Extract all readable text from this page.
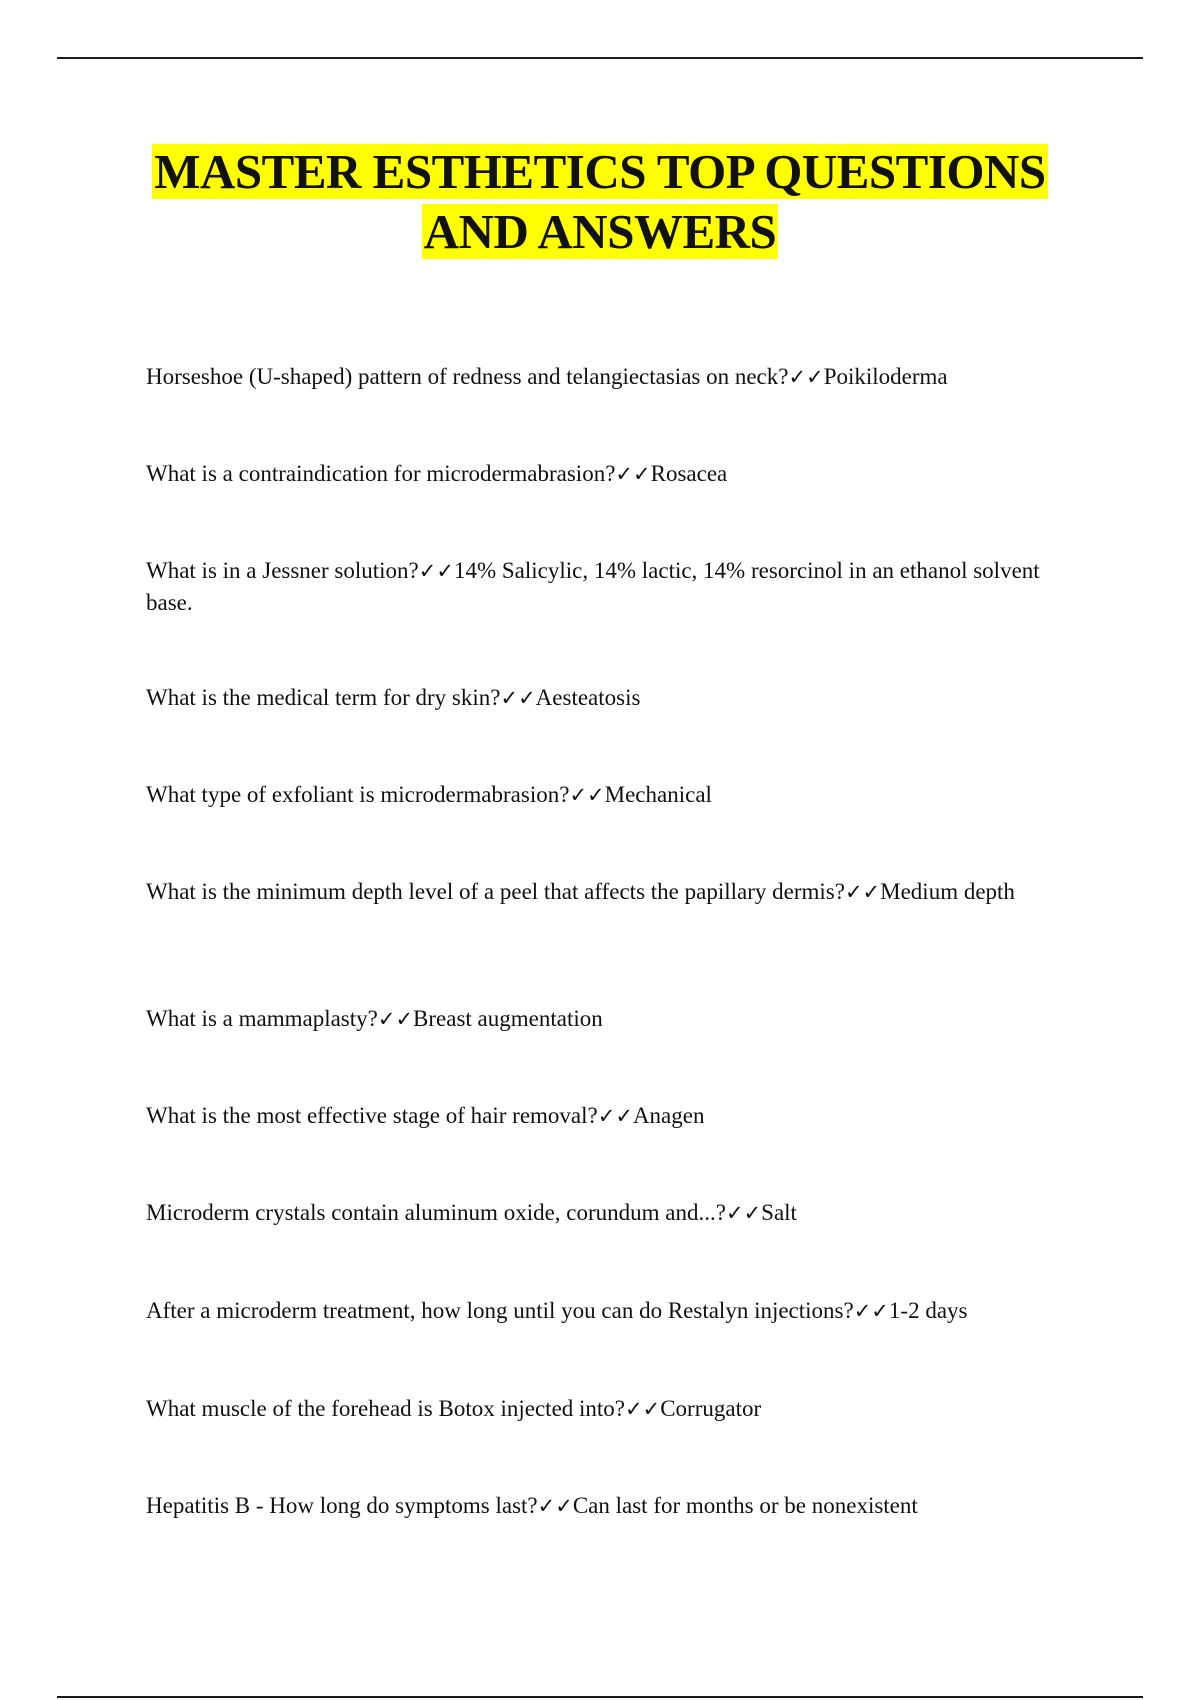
MASTER ESTHETICS TOP QUESTIONS
AND ANSWERS

Horseshoe (U-shaped) pattern of redness and telangiectasias on neck?✓✓Poikiloderma

What is a contraindication for microdermabrasion?✓✓Rosacea

What is in a Jessner solution?✓✓14% Salicylic, 14% lactic, 14% resorcinol in an ethanol solvent base.

What is the medical term for dry skin?✓✓Aesteatosis

What type of exfoliant is microdermabrasion?✓✓Mechanical

What is the minimum depth level of a peel that affects the papillary dermis?✓✓Medium depth

What is a mammaplasty?✓✓Breast augmentation

What is the most effective stage of hair removal?✓✓Anagen

Microderm crystals contain aluminum oxide, corundum and...?✓✓Salt

After a microderm treatment, how long until you can do Restalyn injections?✓✓1-2 days

What muscle of the forehead is Botox injected into?✓✓Corrugator

Hepatitis B - How long do symptoms last?✓✓Can last for months or be nonexistent
